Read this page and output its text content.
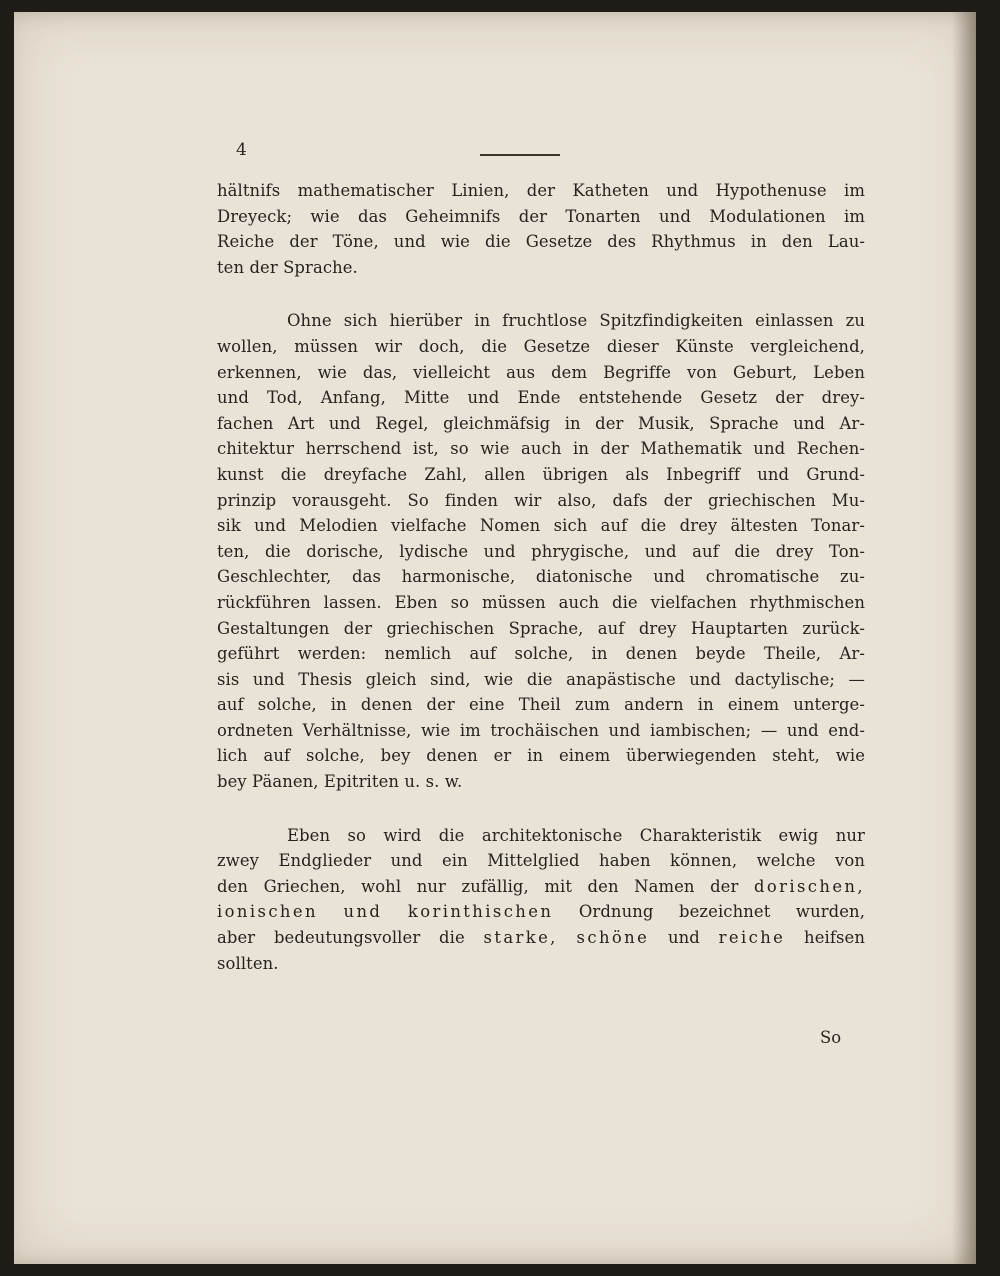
4
hältnifs mathematischer Linien, der Katheten und Hypothenuse im
Dreyeck; wie das Geheimnifs der Tonarten und Modulationen im
Reiche der Töne, und wie die Gesetze des Rhythmus in den Lau-
ten der Sprache.
Ohne sich hierüber in fruchtlose Spitzfindigkeiten einlassen zu
wollen, müssen wir doch, die Gesetze dieser Künste vergleichend,
erkennen, wie das, vielleicht aus dem Begriffe von Geburt, Leben
und Tod, Anfang, Mitte und Ende entstehende Gesetz der drey-
fachen Art und Regel, gleichmäfsig in der Musik, Sprache und Ar-
chitektur herrschend ist, so wie auch in der Mathematik und Rechen-
kunst die dreyfache Zahl, allen übrigen als Inbegriff und Grund-
prinzip vorausgeht. So finden wir also, dafs der griechischen Mu-
sik und Melodien vielfache Nomen sich auf die drey ältesten Tonar-
ten, die dorische, lydische und phrygische, und auf die drey Ton-
Geschlechter, das harmonische, diatonische und chromatische zu-
rückführen lassen. Eben so müssen auch die vielfachen rhythmischen
Gestaltungen der griechischen Sprache, auf drey Hauptarten zurück-
geführt werden: nemlich auf solche, in denen beyde Theile, Ar-
sis und Thesis gleich sind, wie die anapästische und dactylische; —
auf solche, in denen der eine Theil zum andern in einem unterge-
ordneten Verhältnisse, wie im trochäischen und iambischen; — und end-
lich auf solche, bey denen er in einem überwiegenden steht, wie
bey Päanen, Epitriten u. s. w.
Eben so wird die architektonische Charakteristik ewig nur
zwey Endglieder und ein Mittelglied haben können, welche von
den Griechen, wohl nur zufällig, mit den Namen der dorischen,
ionischen und korinthischen Ordnung bezeichnet wurden,
aber bedeutungsvoller die starke, schöne und reiche heifsen
sollten.
So
